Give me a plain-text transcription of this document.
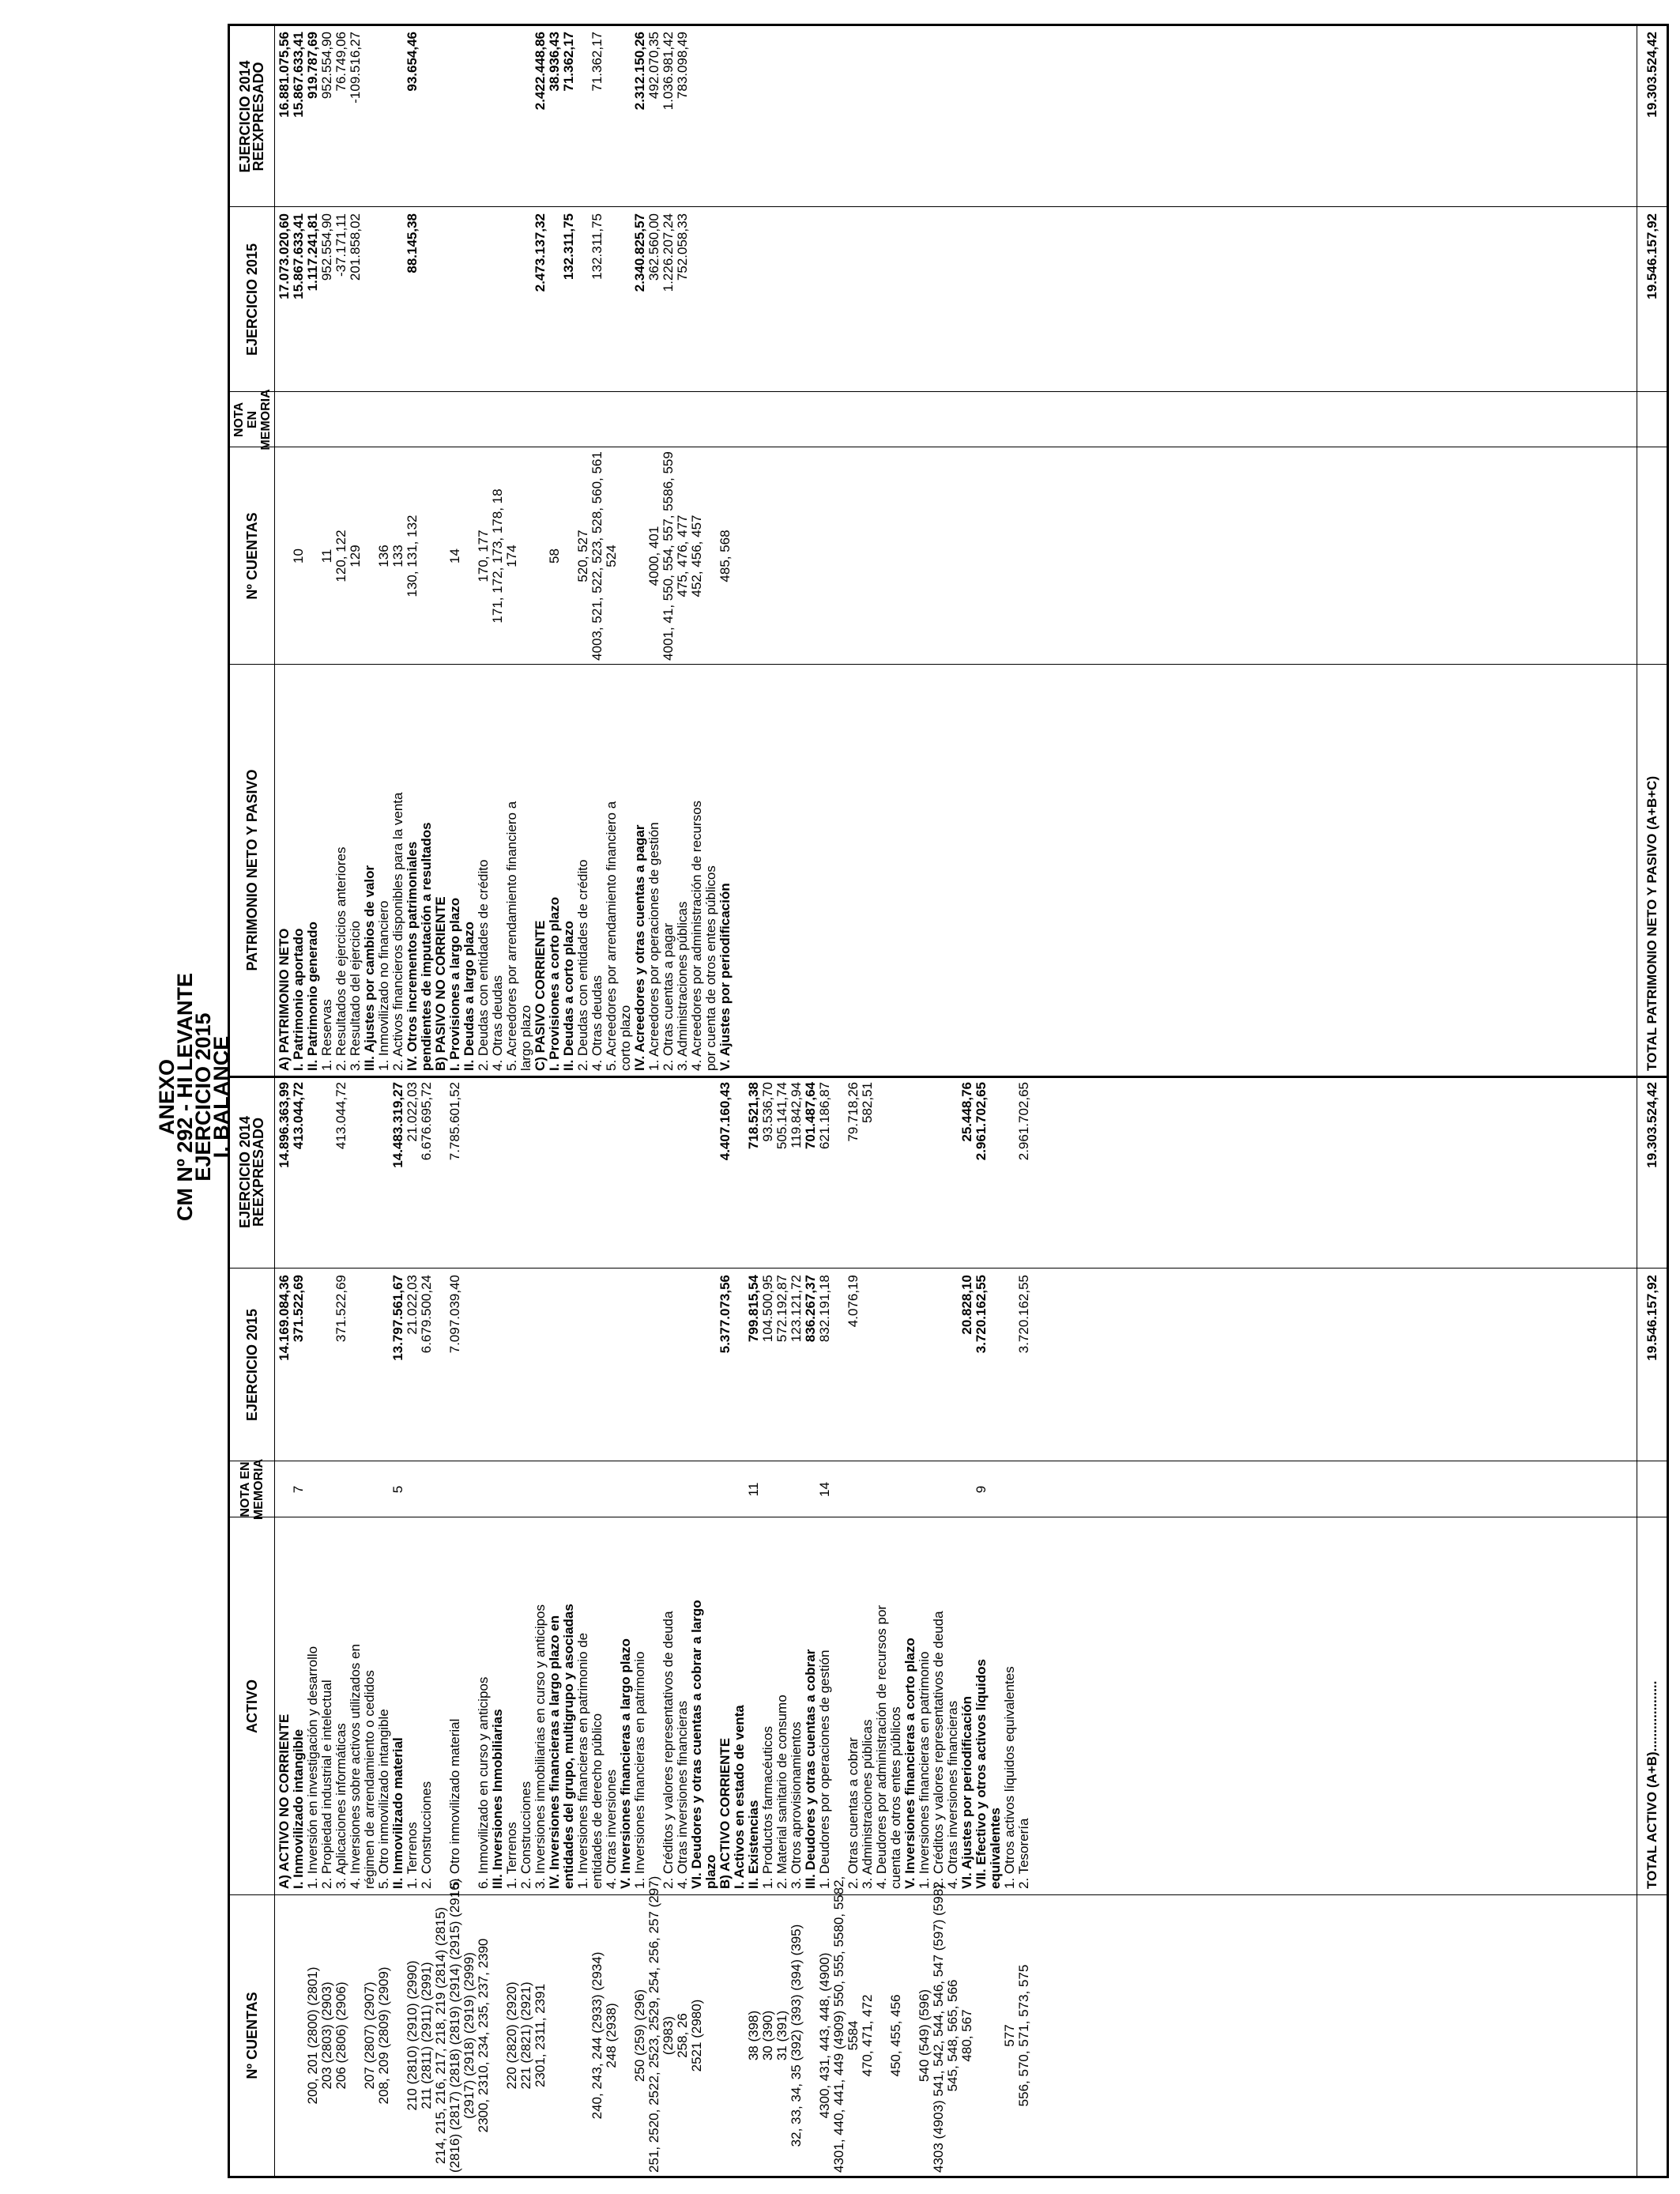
ANEXO
CM Nº 292 - HI LEVANTE
EJERCICIO 2015
I. BALANCE
Nº CUENTAS
ACTIVO
NOTA EN MEMORIA
EJERCICIO 2015
EJERCICIO 2014
REEXPRESADO
A) ACTIVO NO CORRIENTE
14.169.084,36
14.896.363,99
I. Inmovilizado intangible
7
371.522,69
413.044,72
200, 201 (2800) (2801)
1. Inversión en investigación y desarrollo
203 (2803) (2903)
2. Propiedad industrial e intelectual
206 (2806) (2906)
3. Aplicaciones informáticas
371.522,69
413.044,72
4. Inversiones sobre activos utilizados en
207 (2807) (2907)
régimen de arrendamiento o cedidos
208, 209 (2809) (2909)
5. Otro inmovilizado intangible II. Inmovilizado material
5
13.797.561,67
14.483.319,27
210 (2810) (2910) (2990)
1. Terrenos
21.022,03
21.022,03
211 (2811) (2911) (2991)
2. Construcciones
6.679.500,24
6.676.695,72
214, 215, 216, 217, 218, 219 (2814) (2815) (2816) (2817) (2818) (2819) (2914) (2915) (2916)
5. Otro inmovilizado material
7.097.039,40
7.785.601,52
(2917) (2918) (2919) (2999) 2300, 2310, 234, 235, 237, 2390
6. Inmovilizado en curso y anticipos III. Inversiones Inmobiliarias
220 (2820) (2920)
1. Terrenos
221 (2821) (2921)
2. Construcciones
2301, 2311, 2391
3. Inversiones inmobiliarias en curso y anticipos IV. Inversiones financieras a largo plazo en entidades del grupo, multigrupo y asociadas 1. Inversiones financieras en patrimonio de
240, 243, 244 (2933) (2934)
entidades de derecho público
248 (2938)
4. Otras inversiones V. Inversiones financieras a largo plazo
250 (259) (296)
1. Inversiones financieras en patrimonio
251, 2520, 2522, 2523, 2529, 254, 256, 257 (297) (2983)
2. Créditos y valores representativos de deuda
258, 26
4. Otras inversiones financieras
2521 (2980)
VI. Deudores y otras cuentas a cobrar a largo plazo B) ACTIVO CORRIENTE
5.377.073,56
4.407.160,43
I. Activos en estado de venta
38 (398)
II. Existencias
11
799.815,54
718.521,38
30 (390)
1. Productos farmacéuticos
104.500,95
93.536,70
31 (391)
2. Material sanitario de consumo
572.192,87
505.141,74
32, 33, 34, 35 (392) (393) (394) (395)
3. Otros aprovisionamientos
123.121,72
119.842,94
III. Deudores y otras cuentas a cobrar
836.267,37
701.487,64
4300, 431, 443, 448, (4900)
1. Deudores por operaciones de gestión
14
832.191,18
621.186,87
4301, 440, 441, 449 (4909) 550, 555, 5580, 5582, 5584
2. Otras cuentas a cobrar
4.076,19
79.718,26
470, 471, 472
3. Administraciones públicas
582,51
4. Deudores por administración de recursos por
450, 455, 456
cuenta de otros entes públicos V. Inversiones financieras a corto plazo
540 (549) (596)
1. Inversiones financieras en patrimonio
4303 (4903) 541, 542, 544, 546, 547 (597) (598)
2. Créditos y valores representativos de deuda
545, 548, 565, 566
4. Otras inversiones financieras
480, 567
VI. Ajustes por periodificación
20.828,10
25.448,76
VII. Efectivo y otros activos líquidos
9
3.720.162,55
2.961.702,65
equivalentes
577
1. Otros activos líquidos equivalentes
556, 570, 571, 573, 575
2. Tesorería
3.720.162,55
2.961.702,65
TOTAL ACTIVO (A+B)...................
19.546.157,92
19.303.524,42
PATRIMONIO NETO Y PASIVO
Nº CUENTAS
NOTA EN MEMORIA
EJERCICIO 2015
EJERCICIO 2014
REEXPRESADO
A) PATRIMONIO NETO
17.073.020,60
16.881.075,56
I. Patrimonio aportado
10
15.867.633,41
15.867.633,41
II. Patrimonio generado
1.117.241,81
919.787,69
1. Reservas
11
952.554,90
952.554,90
2. Resultados de ejercicios anteriores
120, 122
-37.171,11
76.749,06
3. Resultado del ejercicio
129
201.858,02
-109.516,27
III. Ajustes por cambios de valor 1. Inmovilizado no financiero
136
2. Activos financieros disponibles para la venta
133
IV. Otros incrementos patrimoniales
130, 131, 132
88.145,38
93.654,46
pendientes de imputación a resultados B) PASIVO NO CORRIENTE I. Provisiones a largo plazo
14
II. Deudas a largo plazo 2. Deudas con entidades de crédito
170, 177
4. Otras deudas
171, 172, 173, 178, 18
5. Acreedores por arrendamiento financiero a
174
largo plazo C) PASIVO CORRIENTE
2.473.137,32
2.422.448,86
I. Provisiones a corto plazo
58
38.936,43
II. Deudas a corto plazo
132.311,75
71.362,17
2. Deudas con entidades de crédito
520, 527
4. Otras deudas
4003, 521, 522, 523, 528, 560, 561
132.311,75
71.362,17
5. Acreedores por arrendamiento financiero a
524
corto plazo IV. Acreedores y otras cuentas a pagar
2.340.825,57
2.312.150,26
1. Acreedores por operaciones de gestión
4000, 401
362.560,00
492.070,35
2. Otras cuentas a pagar
4001, 41, 550, 554, 557, 5586, 559
1.226.207,24
1.036.981,42
3. Administraciones públicas
475, 476, 477
752.058,33
783.098,49
4. Acreedores por administración de recursos
452, 456, 457
por cuenta de otros entes públicos V. Ajustes por periodificación
485, 568
TOTAL PATRIMONIO NETO Y PASIVO (A+B+C)
19.546.157,92
19.303.524,42
